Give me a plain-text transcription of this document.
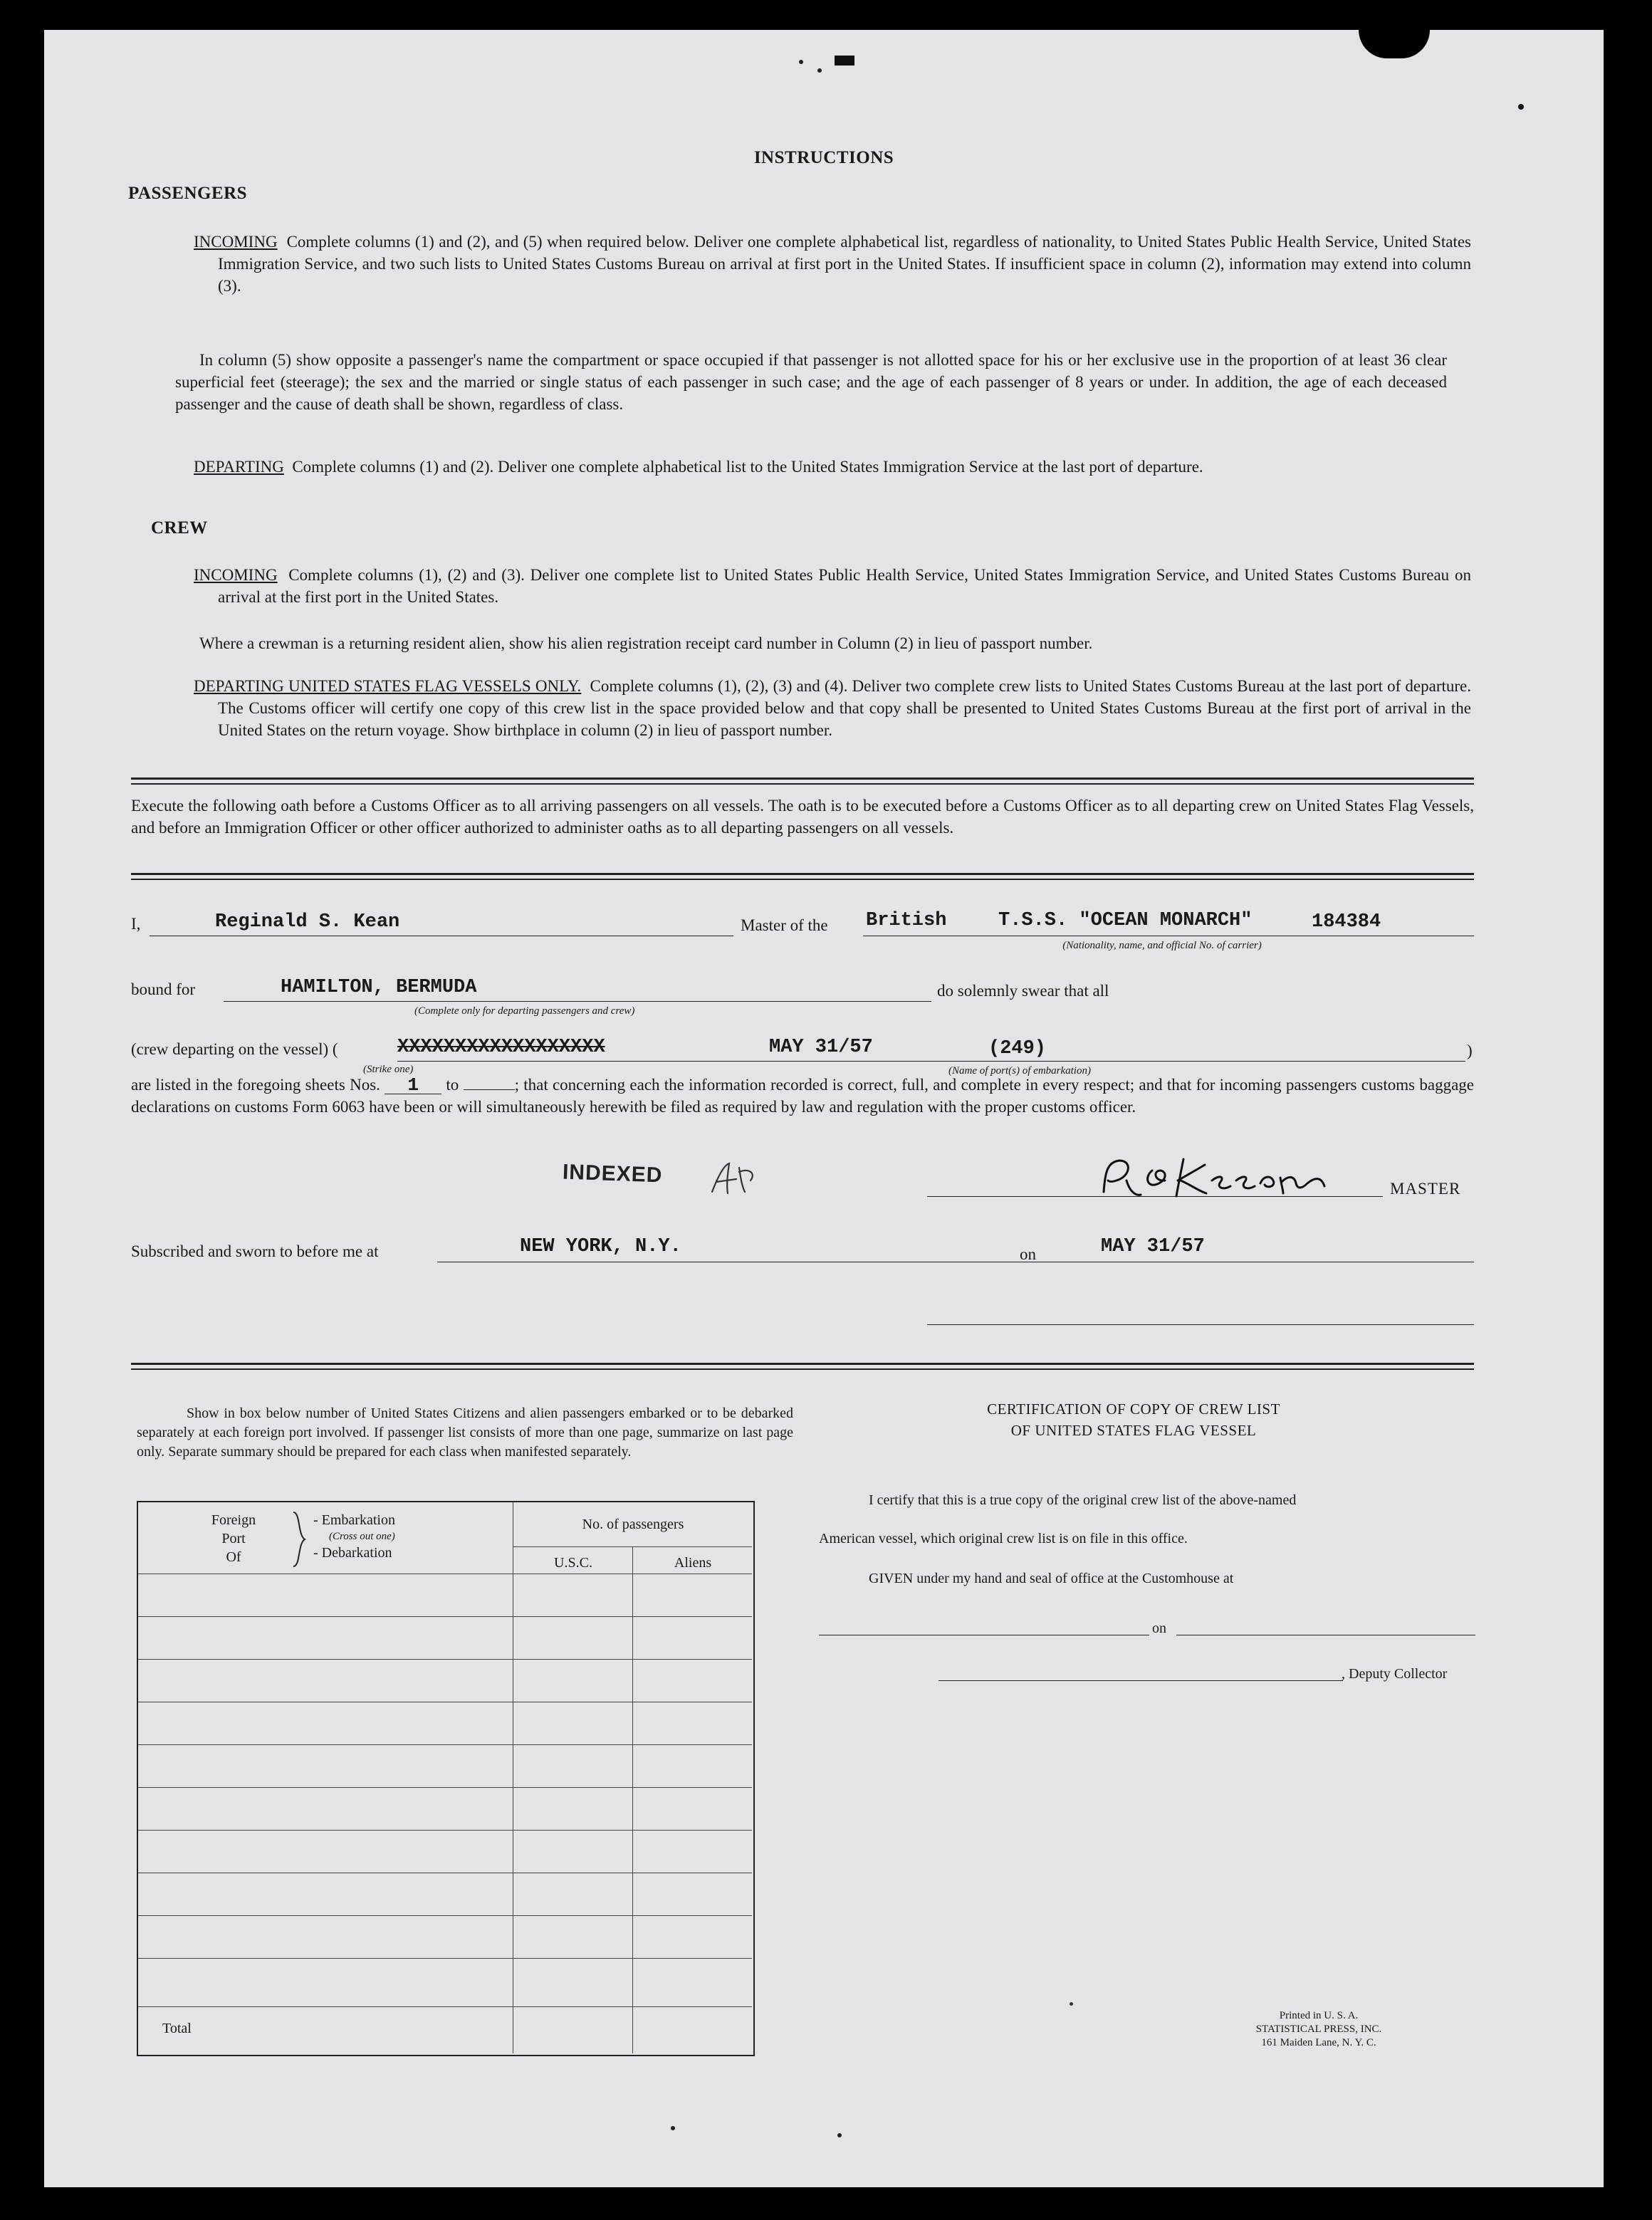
INSTRUCTIONS
PASSENGERS
INCOMING Complete columns (1) and (2), and (5) when required below. Deliver one complete alphabetical list, regardless of nationality, to United States Public Health Service, United States Immigration Service, and two such lists to United States Customs Bureau on arrival at first port in the United States. If insufficient space in column (2), information may extend into column (3).
In column (5) show opposite a passenger's name the compartment or space occupied if that passenger is not allotted space for his or her exclusive use in the proportion of at least 36 clear superficial feet (steerage); the sex and the married or single status of each passenger in such case; and the age of each passenger of 8 years or under. In addition, the age of each deceased passenger and the cause of death shall be shown, regardless of class.
DEPARTING Complete columns (1) and (2). Deliver one complete alphabetical list to the United States Immigration Service at the last port of departure.
CREW
INCOMING Complete columns (1), (2) and (3). Deliver one complete list to United States Public Health Service, United States Immigration Service, and United States Customs Bureau on arrival at the first port in the United States.
Where a crewman is a returning resident alien, show his alien registration receipt card number in Column (2) in lieu of passport number.
DEPARTING UNITED STATES FLAG VESSELS ONLY. Complete columns (1), (2), (3) and (4). Deliver two complete crew lists to United States Customs Bureau at the last port of departure. The Customs officer will certify one copy of this crew list in the space provided below and that copy shall be presented to United States Customs Bureau at the first port of arrival in the United States on the return voyage. Show birthplace in column (2) in lieu of passport number.
Execute the following oath before a Customs Officer as to all arriving passengers on all vessels. The oath is to be executed before a Customs Officer as to all departing crew on United States Flag Vessels, and before an Immigration Officer or other officer authorized to administer oaths as to all departing passengers on all vessels.
I,	Reginald S. Kean	Master of the British	T.S.S. "OCEAN MONARCH"	184384
(Nationality, name, and official No. of carrier)
bound for	HAMILTON, BERMUDA
(Complete only for departing passengers and crew)
do solemnly swear that all
(crew departing on the vessel) (	XXXXXXXXXXXXXXXXXX	MAY 31/57	(249)	)
(Strike one)	(Name of port(s) of embarkation)
are listed in the foregoing sheets Nos. 1 to	; that concerning each the information recorded is correct, full, and complete in every respect; and that for incoming passengers customs baggage declarations on customs Form 6063 have been or will simultaneously herewith be filed as required by law and regulation with the proper customs officer.
INDEXED
MASTER
Subscribed and sworn to before me at	NEW YORK, N.Y.	on	MAY 31/57
Show in box below number of United States Citizens and alien passengers embarked or to be debarked separately at each foreign port involved. If passenger list consists of more than one page, summarize on last page only. Separate summary should be prepared for each class when manifested separately.
Foreign
Port
Of
- Embarkation
(Cross out one)
- Debarkation
No. of passengers
U.S.C.	Aliens
Total
CERTIFICATION OF COPY OF CREW LIST
OF UNITED STATES FLAG VESSEL
I certify that this is a true copy of the original crew list of the above-named
American vessel, which original crew list is on file in this office.
GIVEN under my hand and seal of office at the Customhouse at
on
, Deputy Collector
Printed in U. S. A.
STATISTICAL PRESS, INC.
161 Maiden Lane, N. Y. C.
